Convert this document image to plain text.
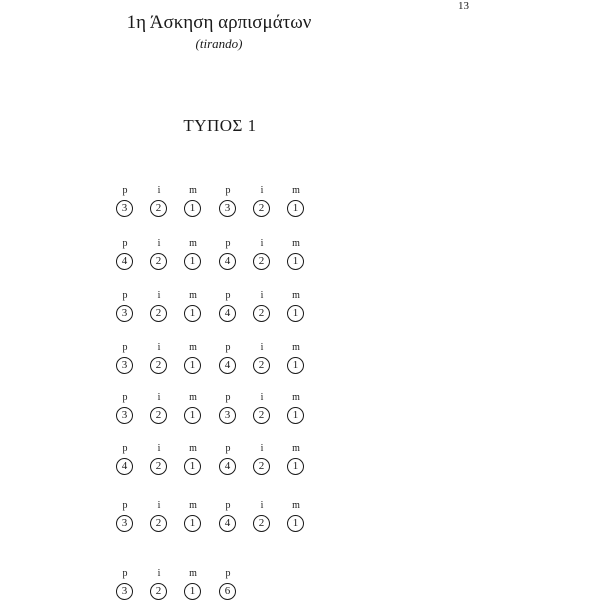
13
1η Άσκηση αρπισμάτων
(tirando)
ΤΥΠΟΣ 1
p	i	m	p	i	m
3	2	1	3	2	1
p	i	m	p	i	m
4	2	1	4	2	1
p	i	m	p	i	m
3	2	1	4	2	1
p	i	m	p	i	m
3	2	1	4	2	1
p	i	m	p	i	m
3	2	1	3	2	1
p	i	m	p	i	m
4	2	1	4	2	1
p	i	m	p	i	m
3	2	1	4	2	1
p	i	m	p
3	2	1	6
